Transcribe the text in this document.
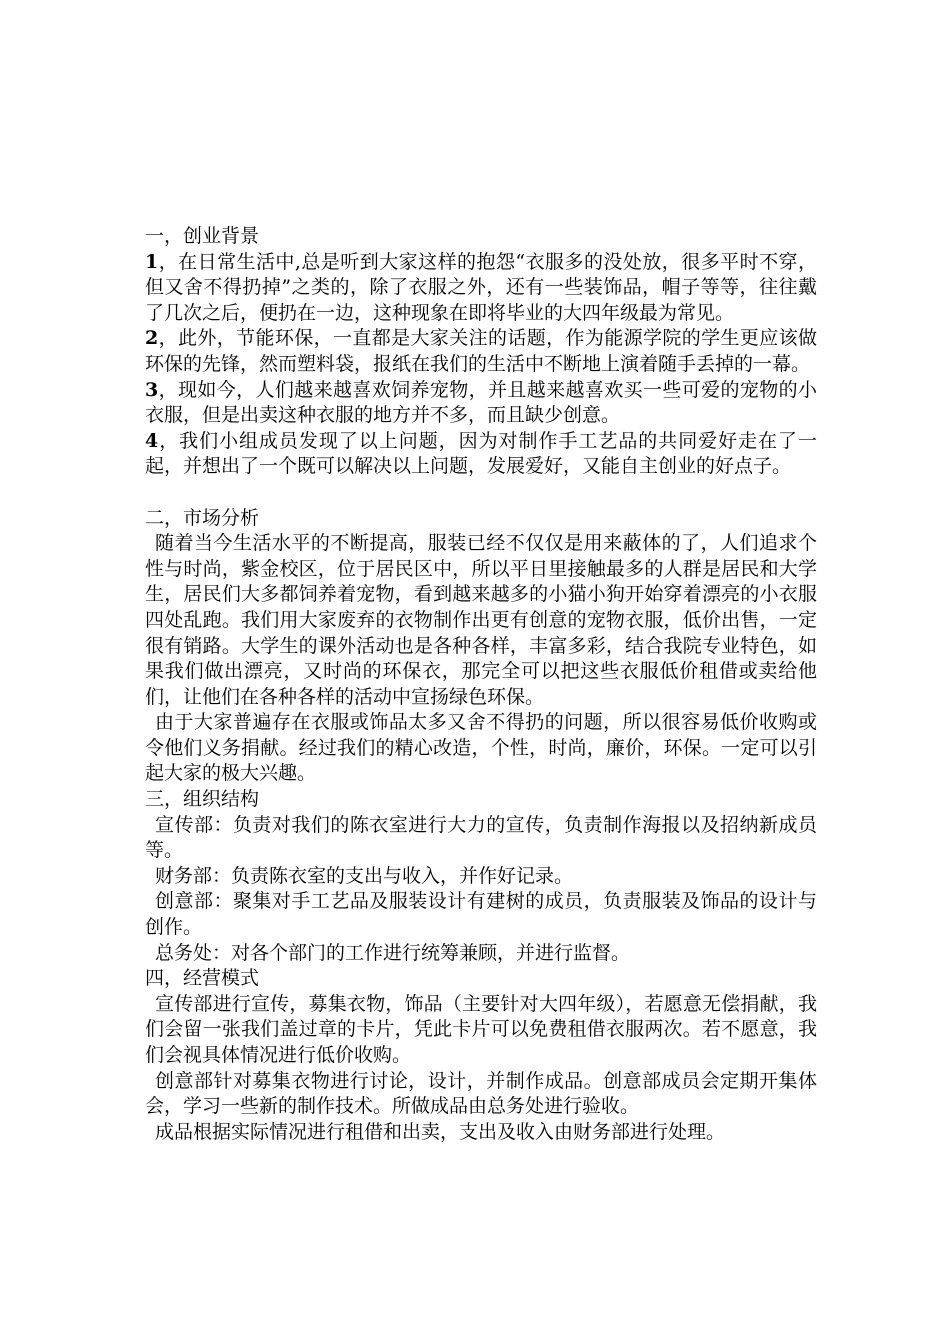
一，创业背景

1，在日常生活中,总是听到大家这样的抱怨“衣服多的没处放，很多平时不穿，但又舍不得扔掉”之类的，除了衣服之外，还有一些装饰品，帽子等等，往往戴了几次之后，便扔在一边，这种现象在即将毕业的大四年级最为常见。

2，此外，节能环保，一直都是大家关注的话题，作为能源学院的学生更应该做环保的先锋，然而塑料袋，报纸在我们的生活中不断地上演着随手丢掉的一幕。

3，现如今，人们越来越喜欢饲养宠物，并且越来越喜欢买一些可爱的宠物的小衣服，但是出卖这种衣服的地方并不多，而且缺少创意。

4，我们小组成员发现了以上问题，因为对制作手工艺品的共同爱好走在了一起，并想出了一个既可以解决以上问题，发展爱好，又能自主创业的好点子。

二，市场分析

随着当今生活水平的不断提高，服装已经不仅仅是用来蔽体的了，人们追求个性与时尚，紫金校区，位于居民区中，所以平日里接触最多的人群是居民和大学生，居民们大多都饲养着宠物，看到越来越多的小猫小狗开始穿着漂亮的小衣服四处乱跑。我们用大家废弃的衣物制作出更有创意的宠物衣服，低价出售，一定很有销路。大学生的课外活动也是各种各样，丰富多彩，结合我院专业特色，如果我们做出漂亮，又时尚的环保衣，那完全可以把这些衣服低价租借或卖给他们，让他们在各种各样的活动中宣扬绿色环保。

由于大家普遍存在衣服或饰品太多又舍不得扔的问题，所以很容易低价收购或令他们义务捐献。经过我们的精心改造，个性，时尚，廉价，环保。一定可以引起大家的极大兴趣。

三，组织结构

宣传部：负责对我们的陈衣室进行大力的宣传，负责制作海报以及招纳新成员等。

财务部：负责陈衣室的支出与收入，并作好记录。

创意部：聚集对手工艺品及服装设计有建树的成员，负责服装及饰品的设计与创作。

总务处：对各个部门的工作进行统筹兼顾，并进行监督。

四，经营模式

宣传部进行宣传，募集衣物，饰品（主要针对大四年级），若愿意无偿捐献，我们会留一张我们盖过章的卡片，凭此卡片可以免费租借衣服两次。若不愿意，我们会视具体情况进行低价收购。

创意部针对募集衣物进行讨论，设计，并制作成品。创意部成员会定期开集体会，学习一些新的制作技术。所做成品由总务处进行验收。

成品根据实际情况进行租借和出卖，支出及收入由财务部进行处理。
